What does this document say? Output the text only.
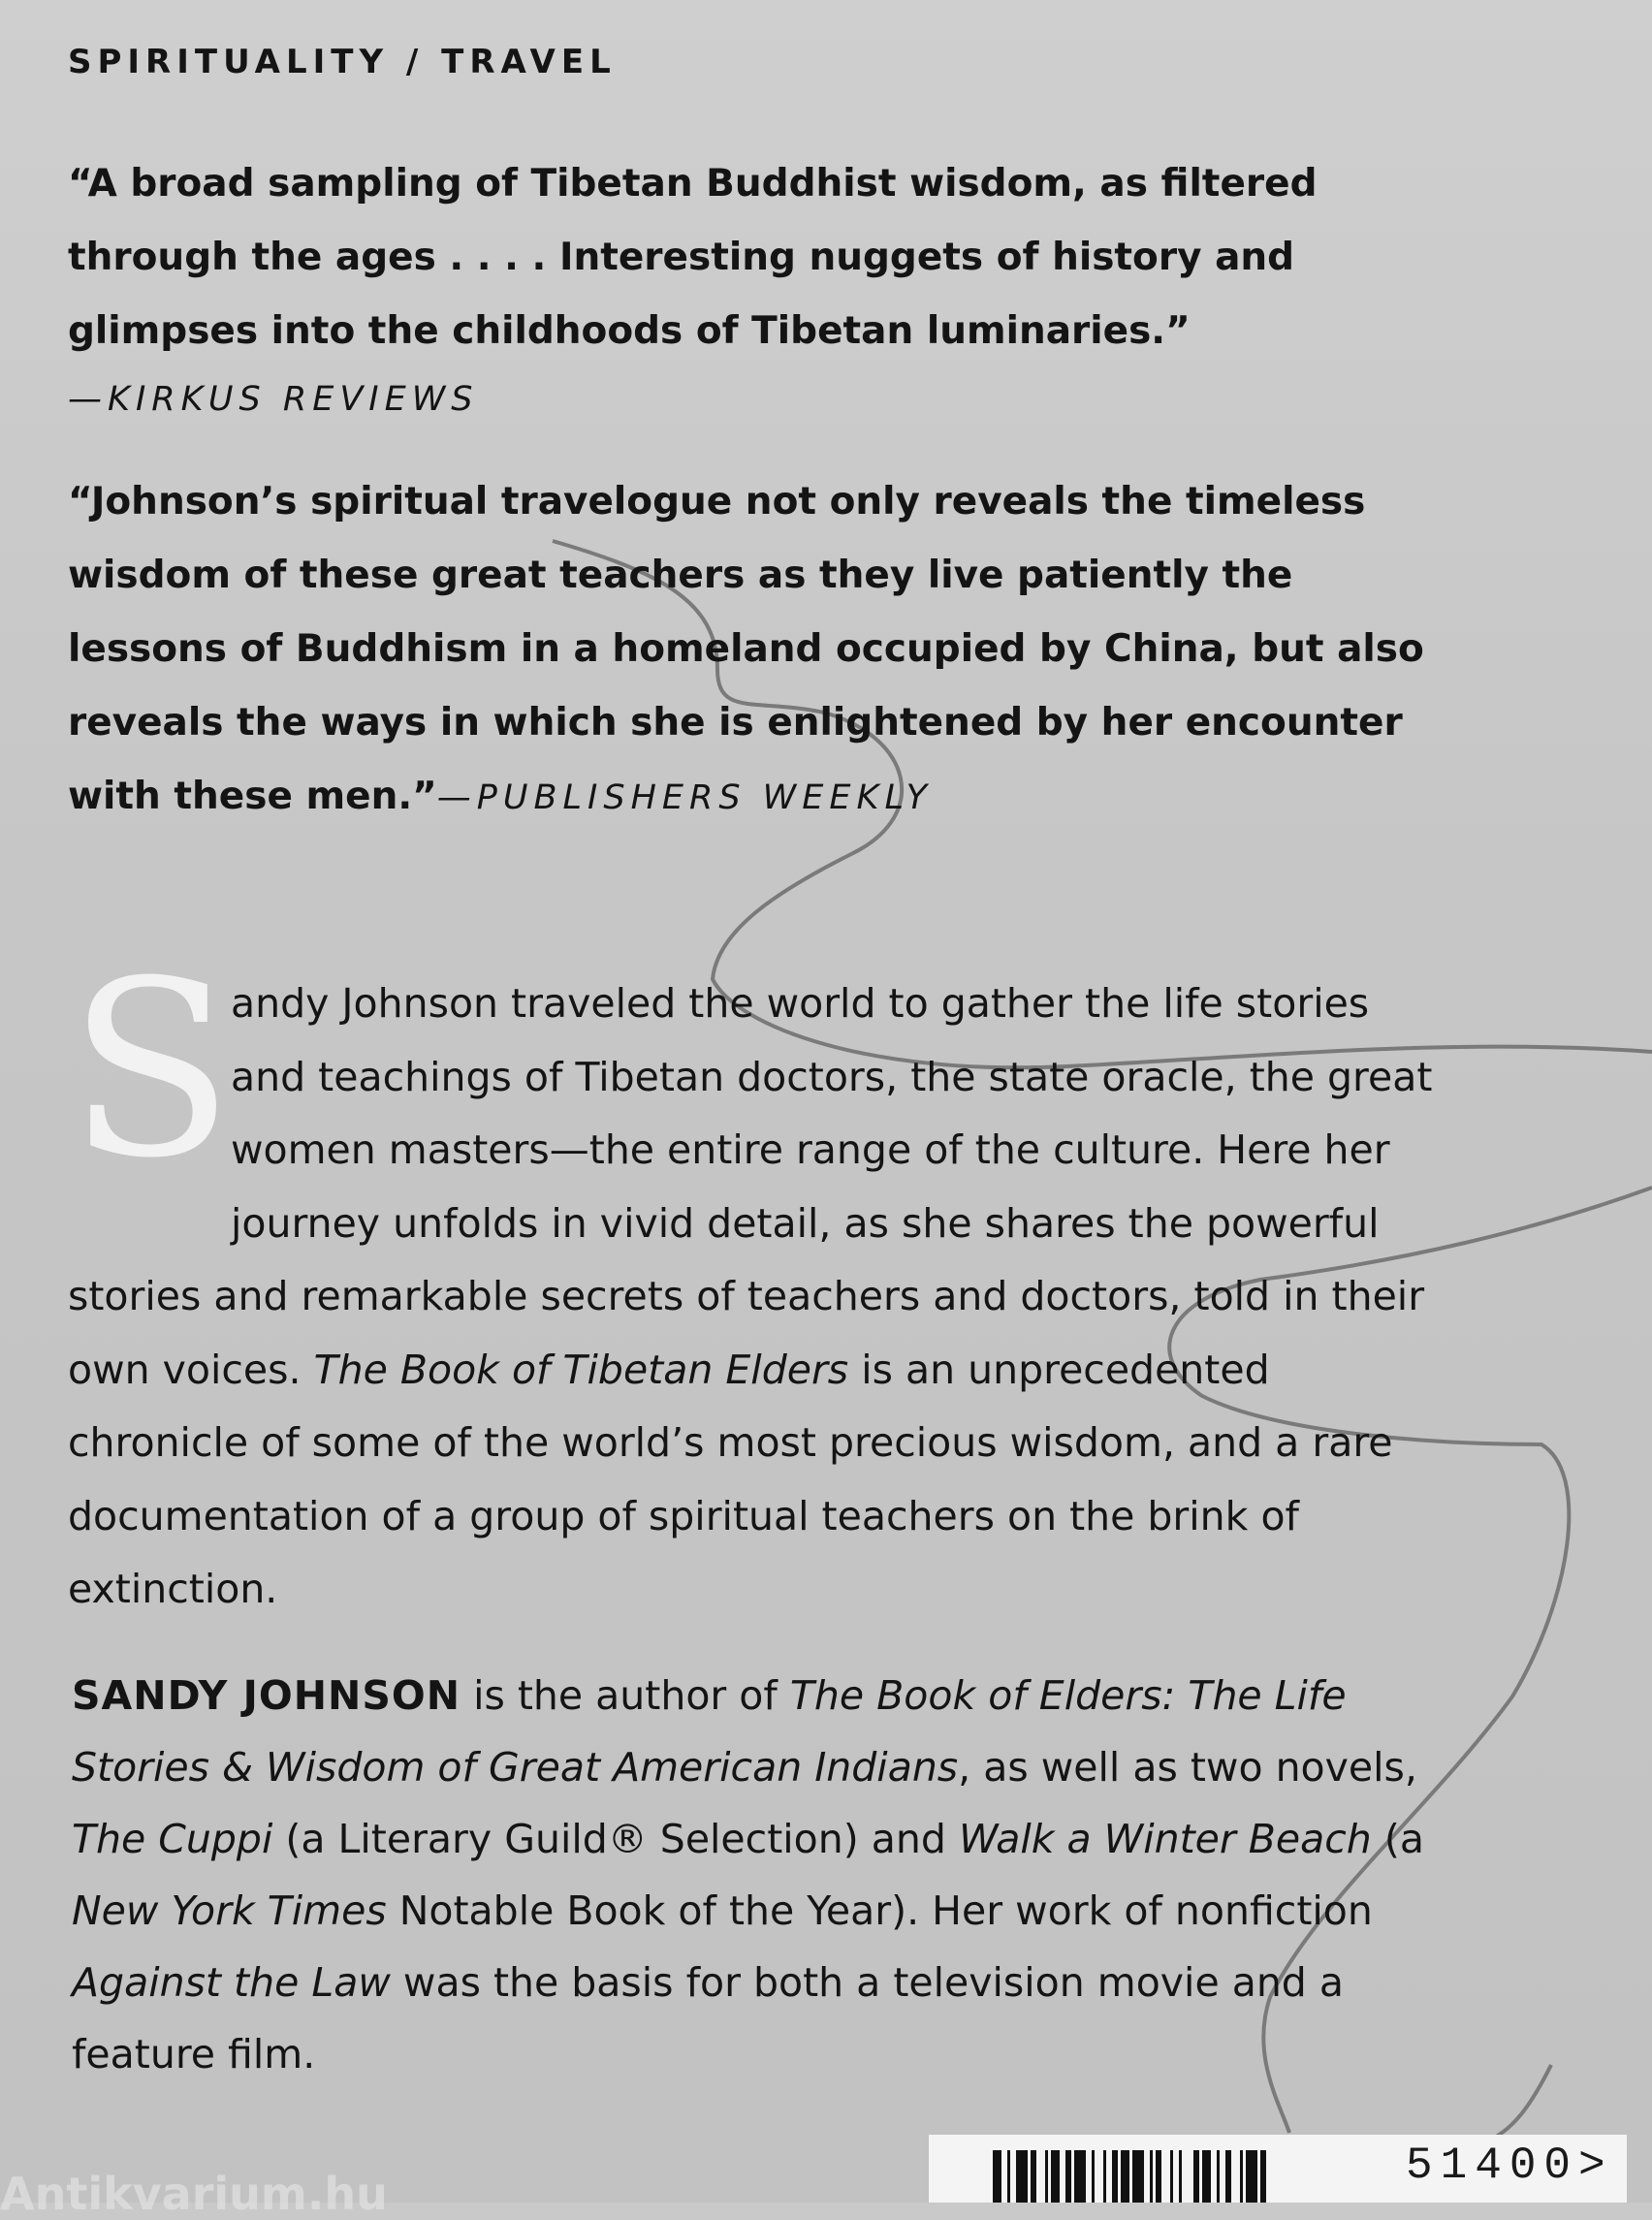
SPIRITUALITY / TRAVEL

“A broad sampling of Tibetan Buddhist wisdom, as filtered through the ages . . . . Interesting nuggets of history and glimpses into the childhoods of Tibetan luminaries.”

—KIRKUS REVIEWS

“Johnson’s spiritual travelogue not only reveals the timeless wisdom of these great teachers as they live patiently the lessons of Buddhism in a homeland occupied by China, but also reveals the ways in which she is enlightened by her encounter with these men.”—PUBLISHERS WEEKLY

S
andy Johnson traveled the world to gather the life stories and teachings of Tibetan doctors, the state oracle, the great women masters—the entire range of the culture. Here her journey unfolds in vivid detail, as she shares the powerful stories and remarkable secrets of teachers and doctors, told in their own voices. The Book of Tibetan Elders is an unprecedented chronicle of some of the world’s most precious wisdom, and a rare documentation of a group of spiritual teachers on the brink of extinction.

SANDY JOHNSON is the author of The Book of Elders: The Life Stories & Wisdom of Great American Indians, as well as two novels, The Cuppi (a Literary Guild® Selection) and Walk a Winter Beach (a New York Times Notable Book of the Year). Her work of nonfiction Against the Law was the basis for both a television movie and a feature film.

Antikvarium.hu
51400>
